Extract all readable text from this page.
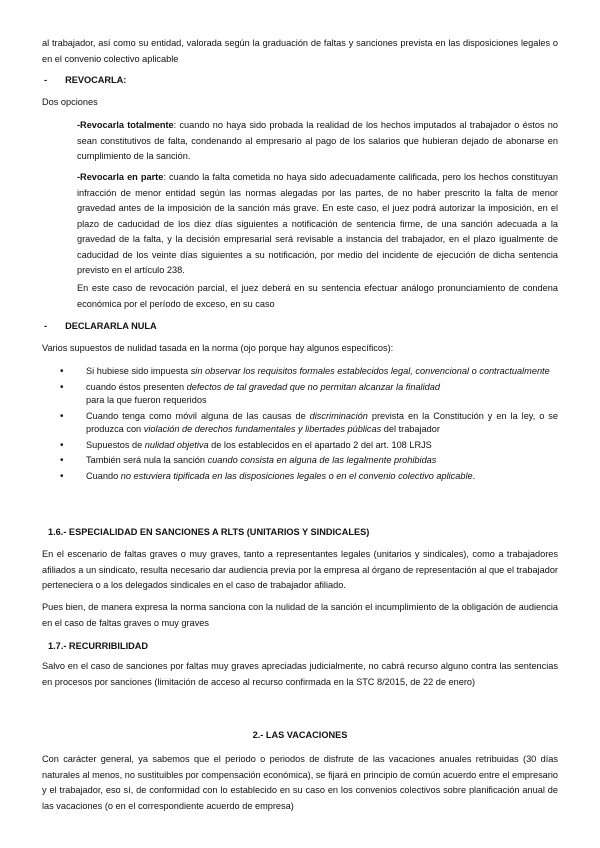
al trabajador, así como su entidad, valorada según la graduación de faltas y sanciones prevista en las disposiciones legales o en el convenio colectivo aplicable

- REVOCARLA:

Dos opciones

-Revocarla totalmente: cuando no haya sido probada la realidad de los hechos imputados al trabajador o éstos no sean constitutivos de falta, condenando al empresario al pago de los salarios que hubieran dejado de abonarse en cumplimiento de la sanción.

-Revocarla en parte: cuando la falta cometida no haya sido adecuadamente calificada, pero los hechos constituyan infracción de menor entidad según las normas alegadas por las partes, de no haber prescrito la falta de menor gravedad antes de la imposición de la sanción más grave. En este caso, el juez podrá autorizar la imposición, en el plazo de caducidad de los diez días siguientes a notificación de sentencia firme, de una sanción adecuada a la gravedad de la falta, y la decisión empresarial será revisable a instancia del trabajador, en el plazo igualmente de caducidad de los veinte días siguientes a su notificación, por medio del incidente de ejecución de dicha sentencia previsto en el artículo 238.

En este caso de revocación parcial, el juez deberá en su sentencia efectuar análogo pronunciamiento de condena económica por el período de exceso, en su caso

- DECLARARLA NULA

Varios supuestos de nulidad tasada en la norma (ojo porque hay algunos específicos):

• Si hubiese sido impuesta sin observar los requisitos formales establecidos legal, convencional o contractualmente
• cuando éstos presenten defectos de tal gravedad que no permitan alcanzar la finalidad
para la que fueron requeridos
• Cuando tenga como móvil alguna de las causas de discriminación prevista en la Constitución y en la ley, o se produzca con violación de derechos fundamentales y libertades públicas del trabajador
• Supuestos de nulidad objetiva de los establecidos en el apartado 2 del art. 108 LRJS
• También será nula la sanción cuando consista en alguna de las legalmente prohibidas
• Cuando no estuviera tipificada en las disposiciones legales o en el convenio colectivo aplicable.
1.6.- ESPECIALIDAD EN SANCIONES A RLTS (UNITARIOS Y SINDICALES)

En el escenario de faltas graves o muy graves, tanto a representantes legales (unitarios y sindicales), como a trabajadores afiliados a un sindicato, resulta necesario dar audiencia previa por la empresa al órgano de representación al que el trabajador perteneciera o a los delegados sindicales en el caso de trabajador afiliado.

Pues bien, de manera expresa la norma sanciona con la nulidad de la sanción el incumplimiento de la obligación de audiencia en el caso de faltas graves o muy graves

1.7.- RECURRIBILIDAD

Salvo en el caso de sanciones por faltas muy graves apreciadas judicialmente, no cabrá recurso alguno contra las sentencias en procesos por sanciones (limitación de acceso al recurso confirmada en la STC 8/2015, de 22 de enero)

2.- LAS VACACIONES

Con carácter general, ya sabemos que el periodo o periodos de disfrute de las vacaciones anuales retribuidas (30 días naturales al menos, no sustituibles por compensación económica), se fijará en principio de común acuerdo entre el empresario y el trabajador, eso sí, de conformidad con lo establecido en su caso en los convenios colectivos sobre planificación anual de las vacaciones (o en el correspondiente acuerdo de empresa)
